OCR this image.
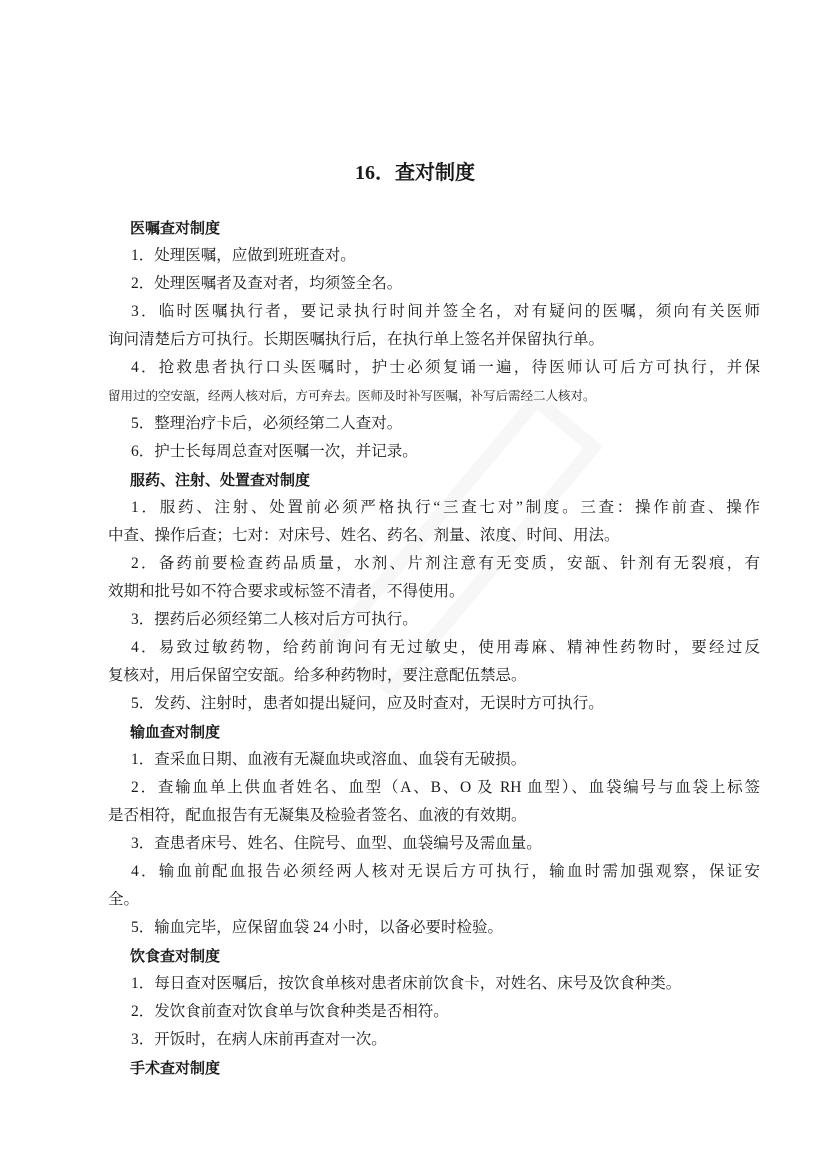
16．查对制度
医嘱查对制度
1．处理医嘱，应做到班班查对。
2．处理医嘱者及查对者，均须签全名。
3．临时医嘱执行者，要记录执行时间并签全名，对有疑问的医嘱，须向有关医师
询问清楚后方可执行。长期医嘱执行后，在执行单上签名并保留执行单。
4．抢救患者执行口头医嘱时，护士必须复诵一遍，待医师认可后方可执行，并保
留用过的空安瓿，经两人核对后，方可弃去。医师及时补写医嘱，补写后需经二人核对。
5．整理治疗卡后，必须经第二人查对。
6．护士长每周总查对医嘱一次，并记录。
服药、注射、处置查对制度
1．服药、注射、处置前必须严格执行“三查七对”制度。三查：操作前查、操作
中查、操作后查；七对：对床号、姓名、药名、剂量、浓度、时间、用法。
2．备药前要检查药品质量，水剂、片剂注意有无变质，安瓿、针剂有无裂痕，有
效期和批号如不符合要求或标签不清者，不得使用。
3．摆药后必须经第二人核对后方可执行。
4．易致过敏药物，给药前询问有无过敏史，使用毒麻、精神性药物时，要经过反
复核对，用后保留空安瓿。给多种药物时，要注意配伍禁忌。
5．发药、注射时，患者如提出疑问，应及时查对，无误时方可执行。
输血查对制度
1．查采血日期、血液有无凝血块或溶血、血袋有无破损。
2．查输血单上供血者姓名、血型（A、B、O 及 RH 血型）、血袋编号与血袋上标签
是否相符，配血报告有无凝集及检验者签名、血液的有效期。
3．查患者床号、姓名、住院号、血型、血袋编号及需血量。
4．输血前配血报告必须经两人核对无误后方可执行，输血时需加强观察，保证安
全。
5．输血完毕，应保留血袋 24 小时，以备必要时检验。
饮食查对制度
1．每日查对医嘱后，按饮食单核对患者床前饮食卡，对姓名、床号及饮食种类。
2．发饮食前查对饮食单与饮食种类是否相符。
3．开饭时，在病人床前再查对一次。
手术查对制度
